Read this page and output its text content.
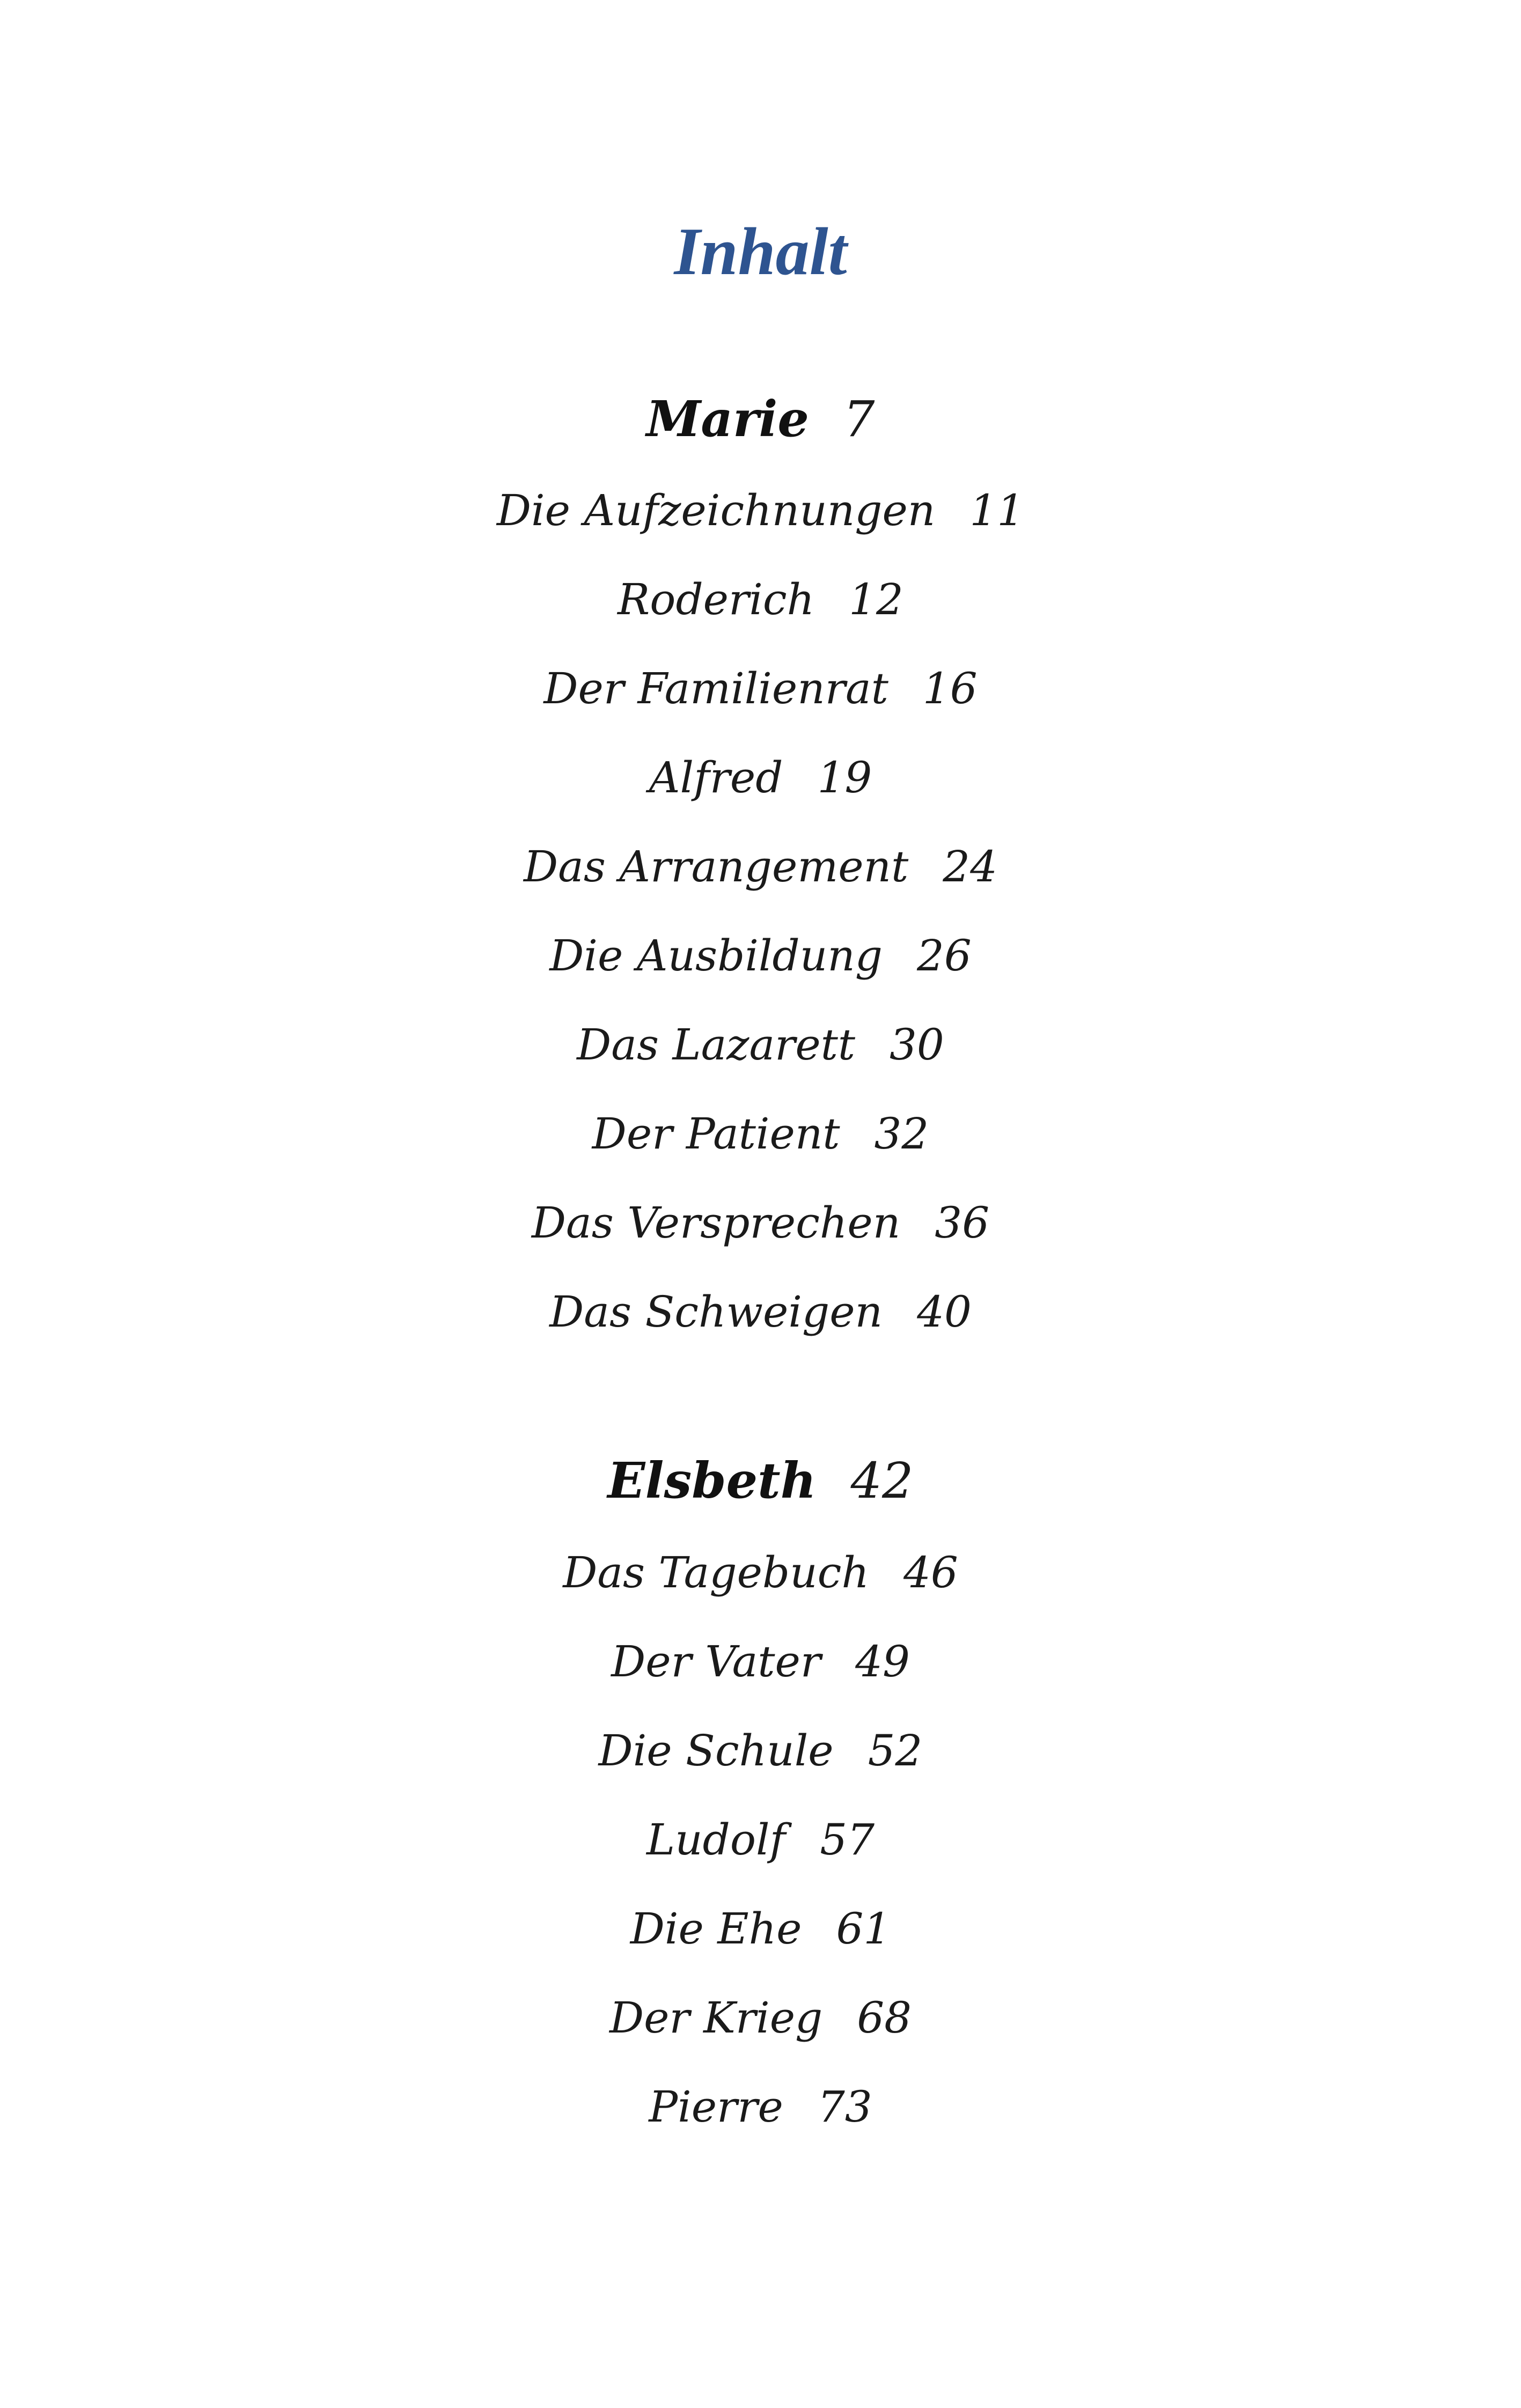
Inhalt
Marie 7
Die Aufzeichnungen 11
Roderich 12
Der Familienrat 16
Alfred 19
Das Arrangement 24
Die Ausbildung 26
Das Lazarett 30
Der Patient 32
Das Versprechen 36
Das Schweigen 40
Elsbeth 42
Das Tagebuch 46
Der Vater 49
Die Schule 52
Ludolf 57
Die Ehe 61
Der Krieg 68
Pierre 73
